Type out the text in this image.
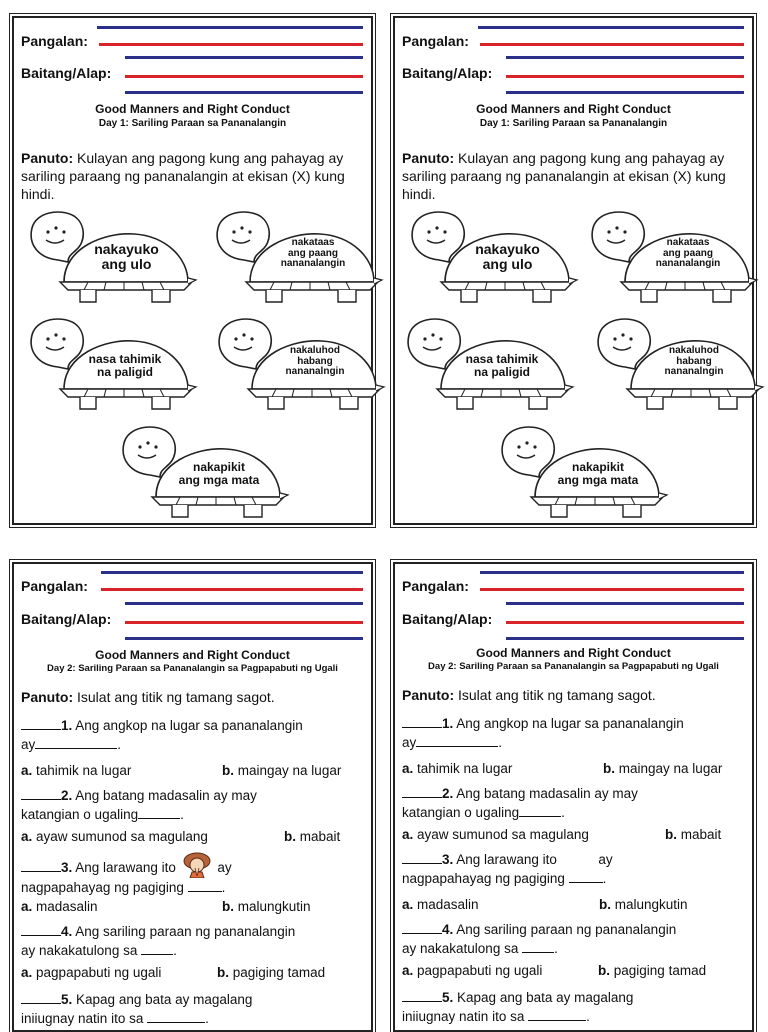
Pangalan:
Baitang/Alap:
Good Manners and Right Conduct
Day 1: Sariling Paraan sa Pananalangin
Panuto: Kulayan ang pagong kung ang pahayag ay sariling paraang ng pananalangin at ekisan (X) kung hindi.
nakayuko
ang ulo
nakataas
ang paang
nananalangin
nasa tahimik
na paligid
nakaluhod
habang
nananalngin
nakapikit
ang mga mata
Pangalan:
Baitang/Alap:
Good Manners and Right Conduct
Day 1: Sariling Paraan sa Pananalangin
Panuto: Kulayan ang pagong kung ang pahayag ay sariling paraang ng pananalangin at ekisan (X) kung hindi.
nakayuko
ang ulo
nakataas
ang paang
nananalangin
nasa tahimik
na paligid
nakaluhod
habang
nananalngin
nakapikit
ang mga mata
Pangalan:
Baitang/Alap:
Good Manners and Right Conduct
Day 2: Sariling Paraan sa Pananalangin sa Pagpapabuti ng Ugali
Panuto: Isulat ang titik ng tamang sagot.
1. Ang angkop na lugar sa pananalangin
ay	.
a. tahimik na lugar	b. maingay na lugar
2. Ang batang madasalin ay may
katangian o ugaling	.
a. ayaw sumunod sa magulang	b. mabait
3. Ang larawang ito	ay
nagpapahayag ng pagiging	.
a. madasalin	b. malungkutin
4. Ang sariling paraan ng pananalangin
ay nakakatulong sa	.
a. pagpapabuti ng ugali	b. pagiging tamad
5. Kapag ang bata ay magalang
iniiugnay natin ito sa	.
Pangalan:
Baitang/Alap:
Good Manners and Right Conduct
Day 2: Sariling Paraan sa Pananalangin sa Pagpapabuti ng Ugali
Panuto: Isulat ang titik ng tamang sagot.
1. Ang angkop na lugar sa pananalangin
ay	.
a. tahimik na lugar	b. maingay na lugar
2. Ang batang madasalin ay may
katangian o ugaling	.
a. ayaw sumunod sa magulang	b. mabait
3. Ang larawang ito	ay
nagpapahayag ng pagiging	.
a. madasalin	b. malungkutin
4. Ang sariling paraan ng pananalangin
ay nakakatulong sa	.
a. pagpapabuti ng ugali	b. pagiging tamad
5. Kapag ang bata ay magalang
iniiugnay natin ito sa	.
